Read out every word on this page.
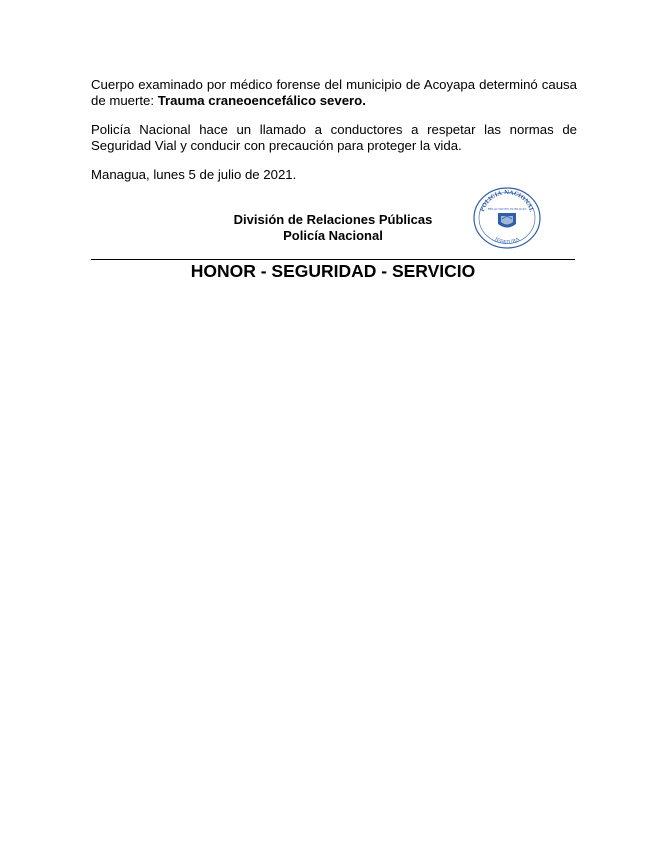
Cuerpo examinado por médico forense del municipio de Acoyapa determinó causa de muerte: Trauma craneoencefálico severo.

Policía Nacional hace un llamado a conductores a respetar las normas de Seguridad Vial y conducir con precaución para proteger la vida.

Managua, lunes 5 de julio de 2021.

División de Relaciones Públicas
Policía Nacional
POLICIA NACIONAL
RELACIONES PUBLICAS
JEFATURA
HONOR - SEGURIDAD - SERVICIO
